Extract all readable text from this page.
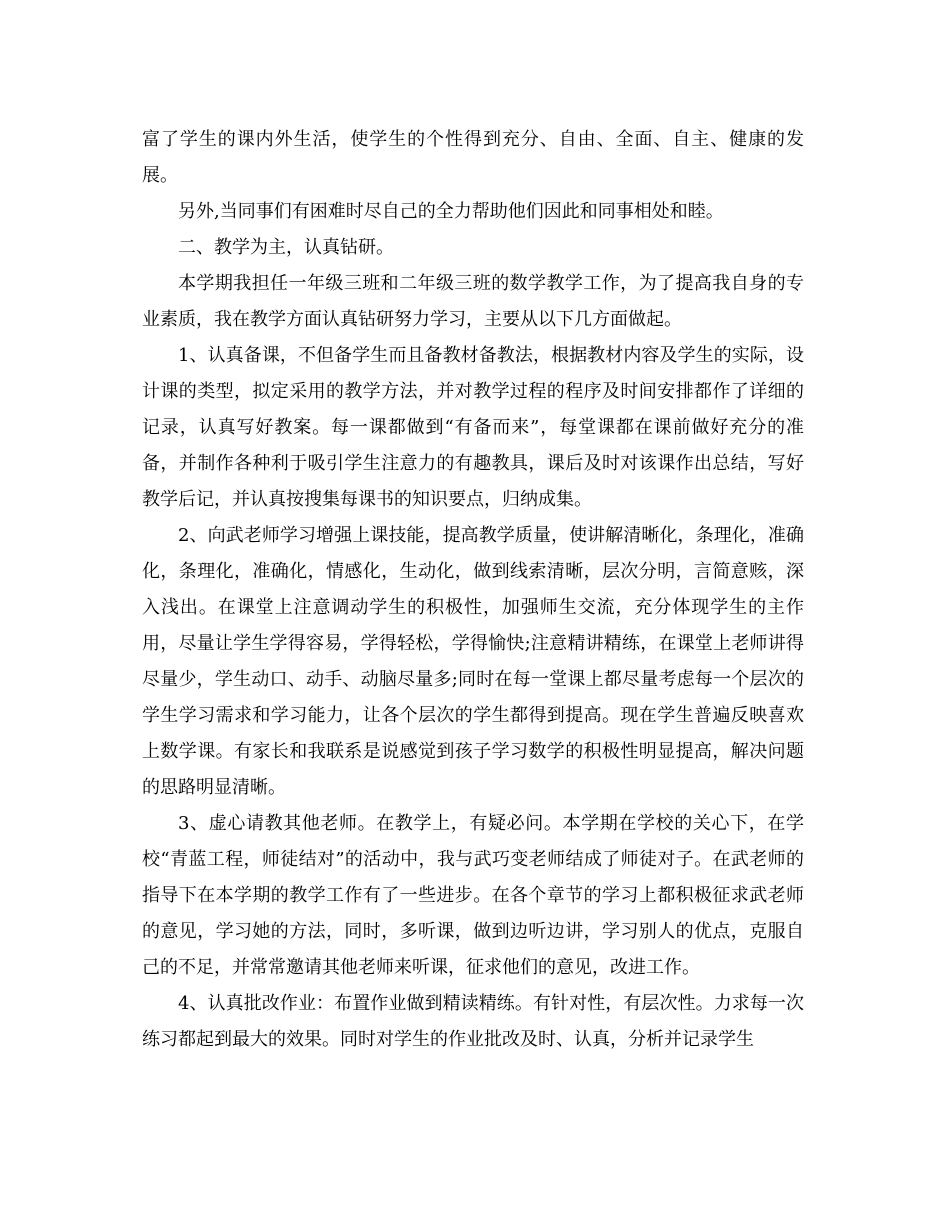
富了学生的课内外生活，使学生的个性得到充分、自由、全面、自主、健康的发展。

另外,当同事们有困难时尽自己的全力帮助他们因此和同事相处和睦。

二、教学为主，认真钻研。

本学期我担任一年级三班和二年级三班的数学教学工作，为了提高我自身的专业素质，我在教学方面认真钻研努力学习，主要从以下几方面做起。

1、认真备课，不但备学生而且备教材备教法，根据教材内容及学生的实际，设计课的类型，拟定采用的教学方法，并对教学过程的程序及时间安排都作了详细的记录，认真写好教案。每一课都做到“有备而来”，每堂课都在课前做好充分的准备，并制作各种利于吸引学生注意力的有趣教具，课后及时对该课作出总结，写好教学后记，并认真按搜集每课书的知识要点，归纳成集。

2、向武老师学习增强上课技能，提高教学质量，使讲解清晰化，条理化，准确化，条理化，准确化，情感化，生动化，做到线索清晰，层次分明，言简意赅，深入浅出。在课堂上注意调动学生的积极性，加强师生交流，充分体现学生的主作用，尽量让学生学得容易，学得轻松，学得愉快;注意精讲精练，在课堂上老师讲得尽量少，学生动口、动手、动脑尽量多;同时在每一堂课上都尽量考虑每一个层次的学生学习需求和学习能力，让各个层次的学生都得到提高。现在学生普遍反映喜欢上数学课。有家长和我联系是说感觉到孩子学习数学的积极性明显提高，解决问题的思路明显清晰。

3、虚心请教其他老师。在教学上，有疑必问。本学期在学校的关心下，在学校“青蓝工程，师徒结对”的活动中，我与武巧变老师结成了师徒对子。在武老师的指导下在本学期的教学工作有了一些进步。在各个章节的学习上都积极征求武老师的意见，学习她的方法，同时，多听课，做到边听边讲，学习别人的优点，克服自己的不足，并常常邀请其他老师来听课，征求他们的意见，改进工作。

4、认真批改作业：布置作业做到精读精练。有针对性，有层次性。力求每一次练习都起到最大的效果。同时对学生的作业批改及时、认真，分析并记录学生
